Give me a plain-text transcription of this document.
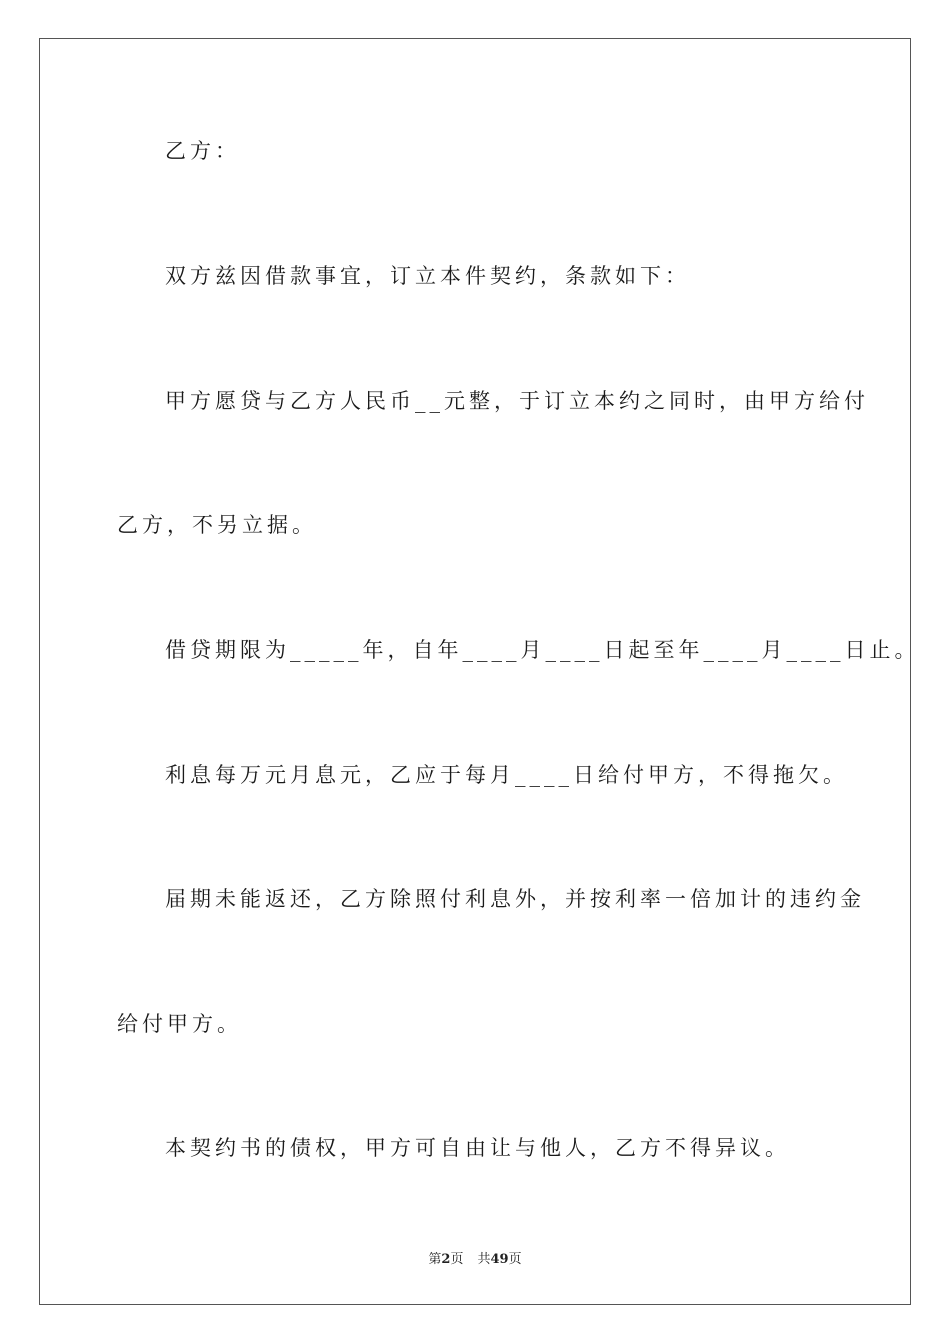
乙方：

双方兹因借款事宜，订立本件契约，条款如下：

甲方愿贷与乙方人民币__元整，于订立本约之同时，由甲方给付

乙方，不另立据。

借贷期限为_____年，自年____月____日起至年____月____日止。

利息每万元月息元，乙应于每月____日给付甲方，不得拖欠。

届期未能返还，乙方除照付利息外，并按利率一倍加计的违约金

给付甲方。

本契约书的债权，甲方可自由让与他人，乙方不得异议。

第2页 共49页
